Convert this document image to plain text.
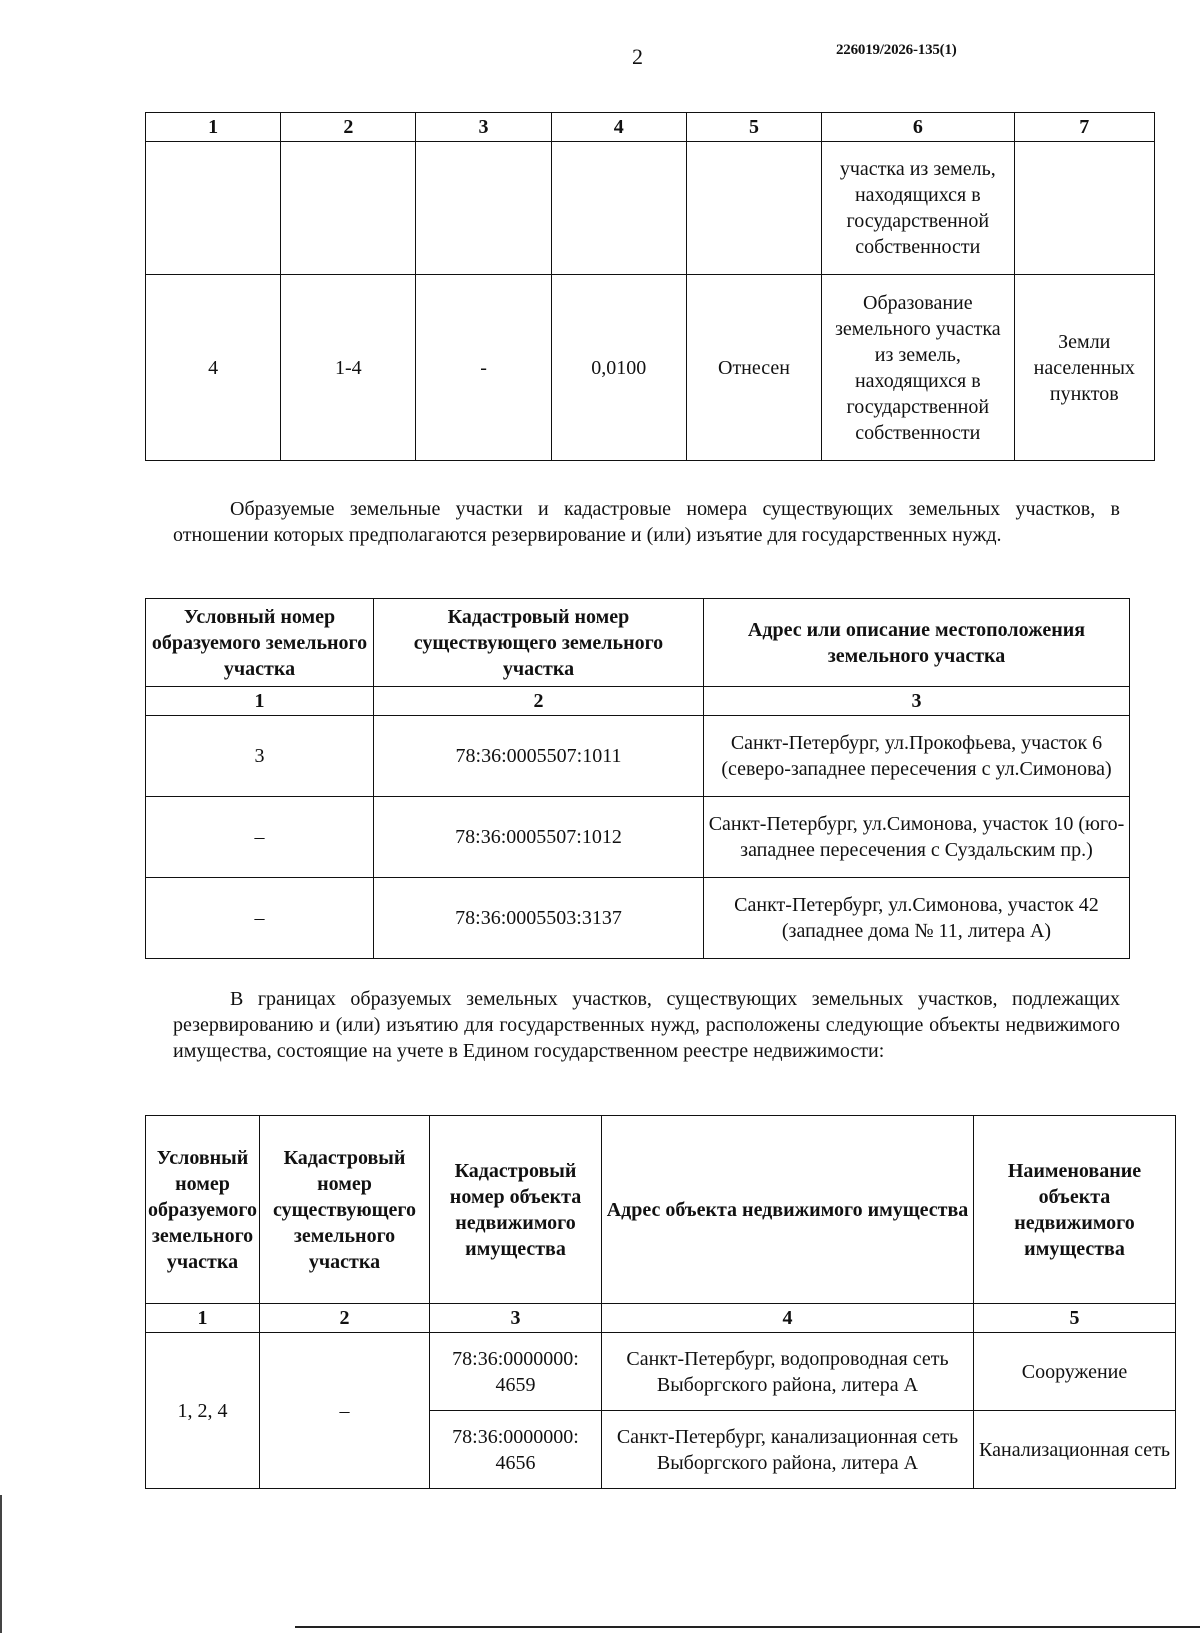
2	226019/2026-135(1)
1	2	3	4	5	6	7
					участка из земель, находящихся в государственной собственности	
4	1-4	-	0,0100	Отнесен	Образование земельного участка из земель, находящихся в государственной собственности	Земли населенных пунктов

Образуемые земельные участки и кадастровые номера существующих земельных участков, в отношении которых предполагаются резервирование и (или) изъятие для государственных нужд.

Условный номер образуемого земельного участка	Кадастровый номер существующего земельного участка	Адрес или описание местоположения земельного участка
1	2	3
3	78:36:0005507:1011	Санкт-Петербург, ул.Прокофьева, участок 6 (северо-западнее пересечения с ул.Симонова)
–	78:36:0005507:1012	Санкт-Петербург, ул.Симонова, участок 10 (юго-западнее пересечения с Суздальским пр.)
–	78:36:0005503:3137	Санкт-Петербург, ул.Симонова, участок 42 (западнее дома № 11, литера А)

В границах образуемых земельных участков, существующих земельных участков, подлежащих резервированию и (или) изъятию для государственных нужд, расположены следующие объекты недвижимого имущества, состоящие на учете в Едином государственном реестре недвижимости:

Условный номер образуемого земельного участка	Кадастровый номер существующего земельного участка	Кадастровый номер объекта недвижимого имущества	Адрес объекта недвижимого имущества	Наименование объекта недвижимого имущества
1	2	3	4	5
1, 2, 4	–	78:36:0000000: 4659	Санкт-Петербург, водопроводная сеть Выборгского района, литера А	Сооружение
		78:36:0000000: 4656	Санкт-Петербург, канализационная сеть Выборгского района, литера А	Канализационная сеть
